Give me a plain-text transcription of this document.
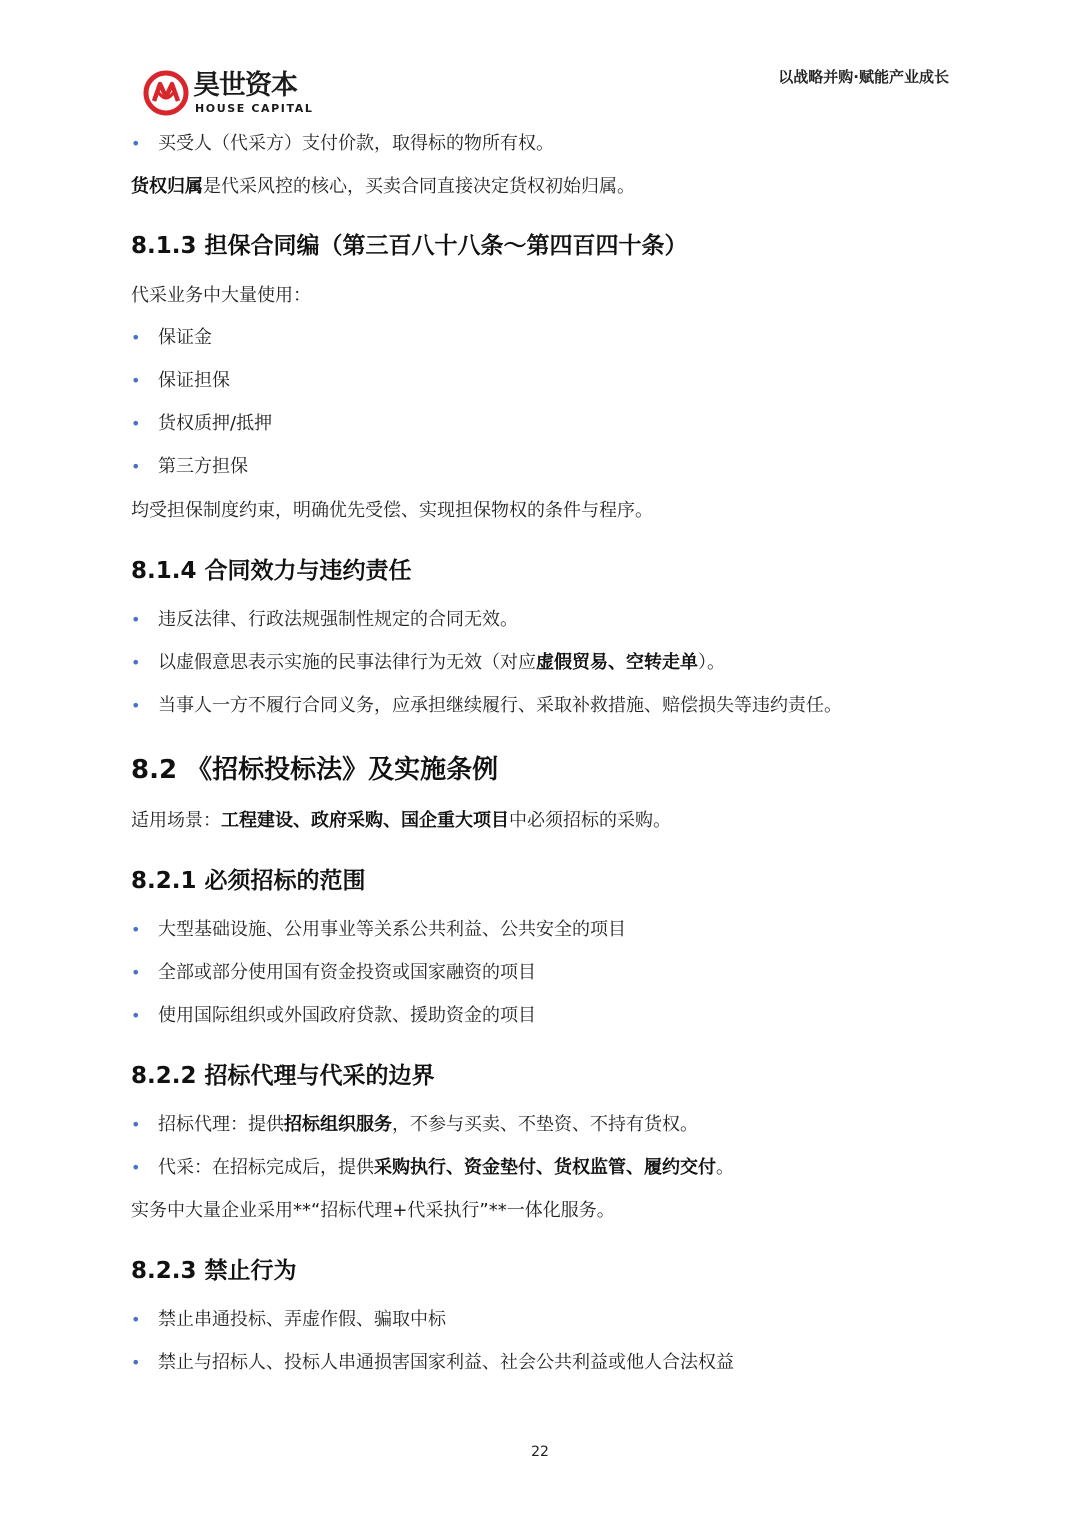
昊世资本
HOUSE CAPITAL
以战略并购·赋能产业成长
• 买受人（代采方）支付价款，取得标的物所有权。
货权归属是代采风控的核心，买卖合同直接决定货权初始归属。
8.1.3 担保合同编（第三百八十八条～第四百四十条）
代采业务中大量使用：
• 保证金
• 保证担保
• 货权质押/抵押
• 第三方担保
均受担保制度约束，明确优先受偿、实现担保物权的条件与程序。
8.1.4 合同效力与违约责任
• 违反法律、行政法规强制性规定的合同无效。
• 以虚假意思表示实施的民事法律行为无效（对应虚假贸易、空转走单）。
• 当事人一方不履行合同义务，应承担继续履行、采取补救措施、赔偿损失等违约责任。
8.2 《招标投标法》及实施条例
适用场景：工程建设、政府采购、国企重大项目中必须招标的采购。
8.2.1 必须招标的范围
• 大型基础设施、公用事业等关系公共利益、公共安全的项目
• 全部或部分使用国有资金投资或国家融资的项目
• 使用国际组织或外国政府贷款、援助资金的项目
8.2.2 招标代理与代采的边界
• 招标代理：提供招标组织服务，不参与买卖、不垫资、不持有货权。
• 代采：在招标完成后，提供采购执行、资金垫付、货权监管、履约交付。
实务中大量企业采用**“招标代理+代采执行”**一体化服务。
8.2.3 禁止行为
• 禁止串通投标、弄虚作假、骗取中标
• 禁止与招标人、投标人串通损害国家利益、社会公共利益或他人合法权益
22
